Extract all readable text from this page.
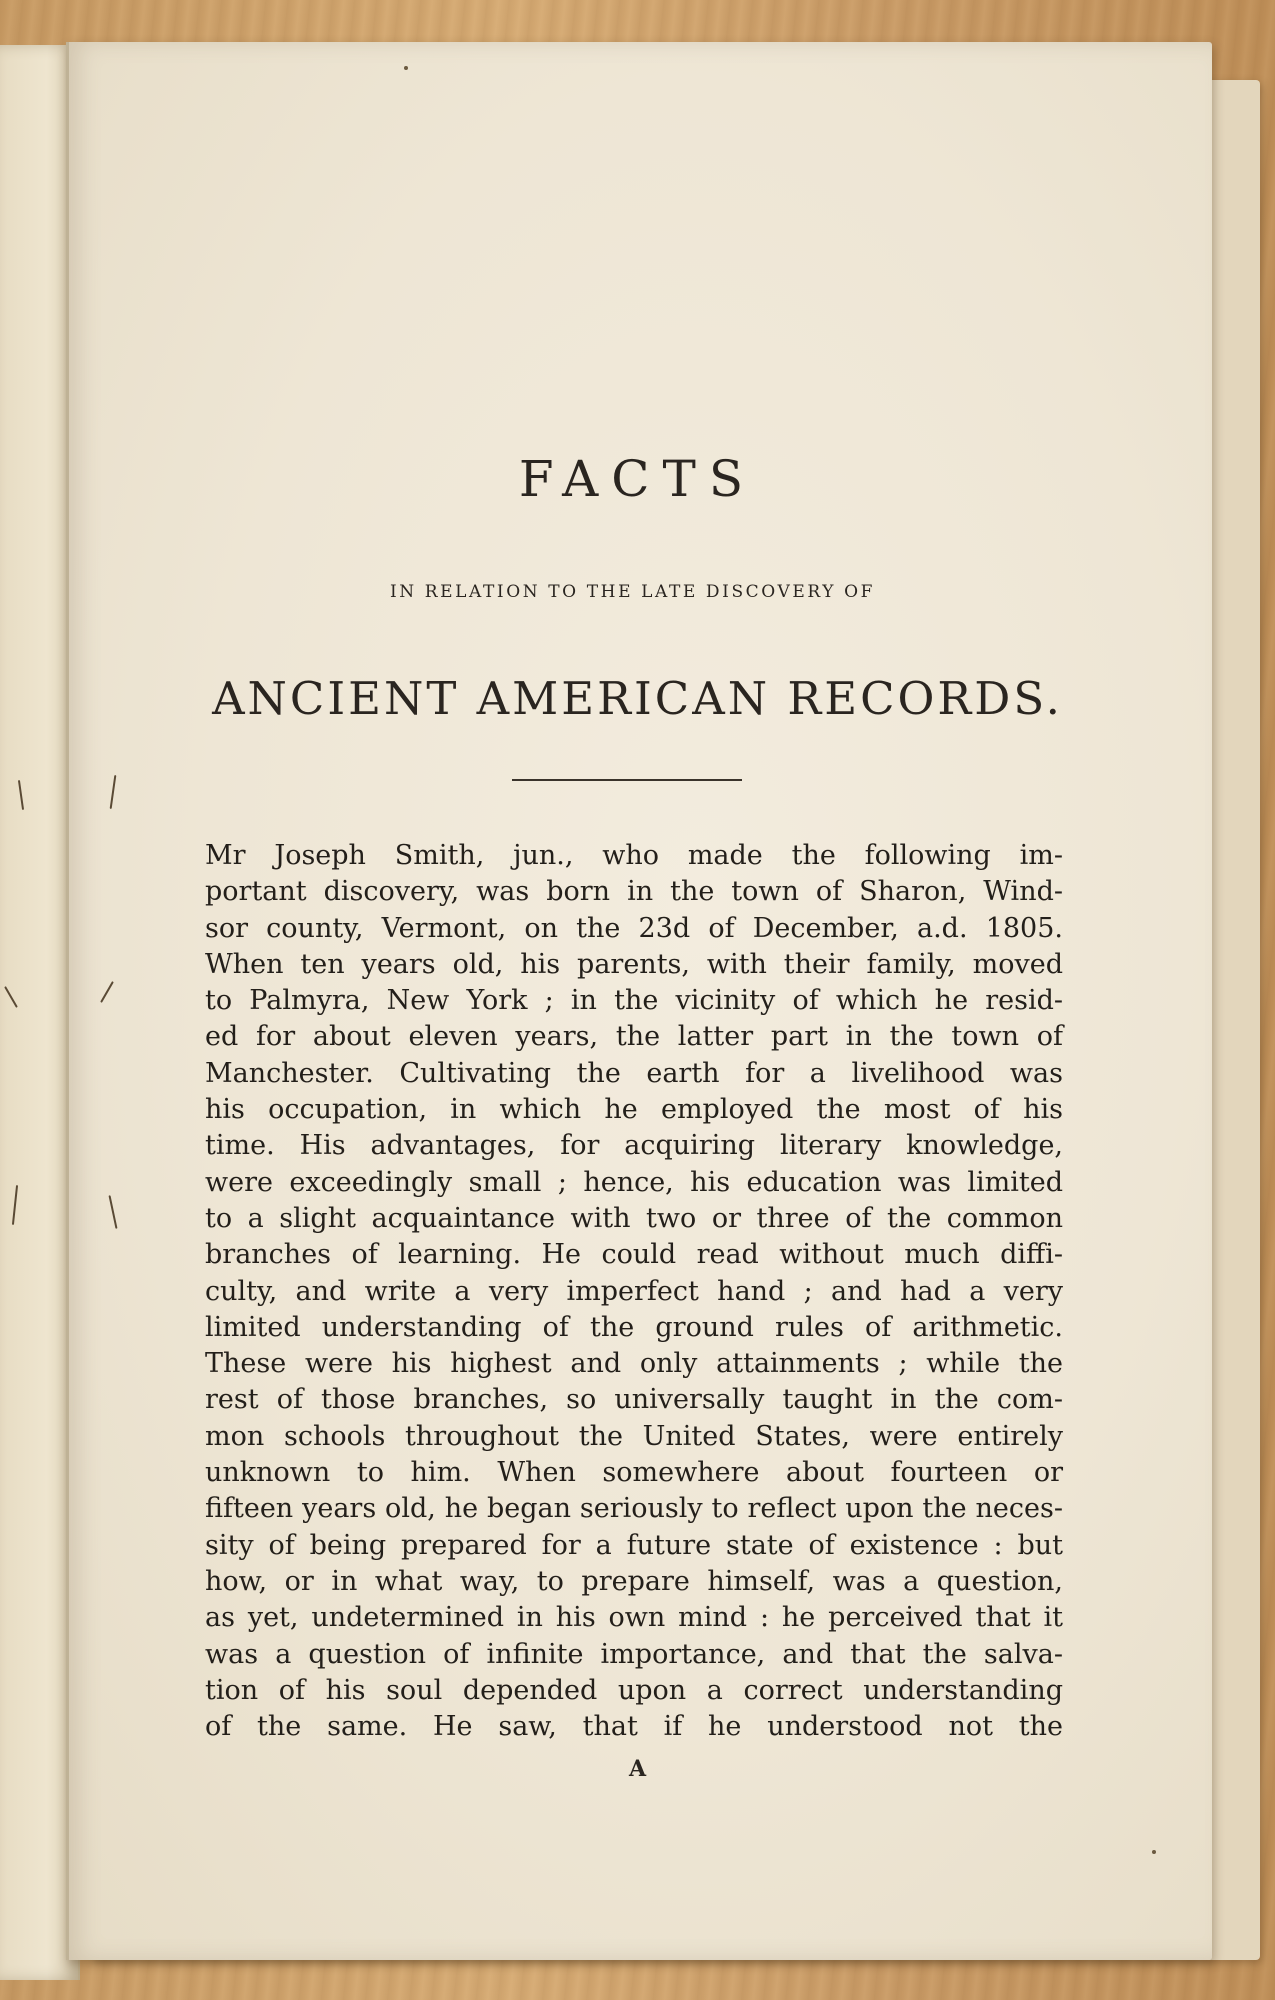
FACTS
IN RELATION TO THE LATE DISCOVERY OF
ANCIENT AMERICAN RECORDS.
Mr Joseph Smith, jun., who made the following im-
portant discovery, was born in the town of Sharon, Wind-
sor county, Vermont, on the 23d of December, a.d. 1805.
When ten years old, his parents, with their family, moved
to Palmyra, New York ; in the vicinity of which he resid-
ed for about eleven years, the latter part in the town of
Manchester. Cultivating the earth for a livelihood was
his occupation, in which he employed the most of his
time. His advantages, for acquiring literary knowledge,
were exceedingly small ; hence, his education was limited
to a slight acquaintance with two or three of the common
branches of learning. He could read without much diffi-
culty, and write a very imperfect hand ; and had a very
limited understanding of the ground rules of arithmetic.
These were his highest and only attainments ; while the
rest of those branches, so universally taught in the com-
mon schools throughout the United States, were entirely
unknown to him. When somewhere about fourteen or
fifteen years old, he began seriously to reflect upon the neces-
sity of being prepared for a future state of existence : but
how, or in what way, to prepare himself, was a question,
as yet, undetermined in his own mind : he perceived that it
was a question of infinite importance, and that the salva-
tion of his soul depended upon a correct understanding
of the same. He saw, that if he understood not the
A
